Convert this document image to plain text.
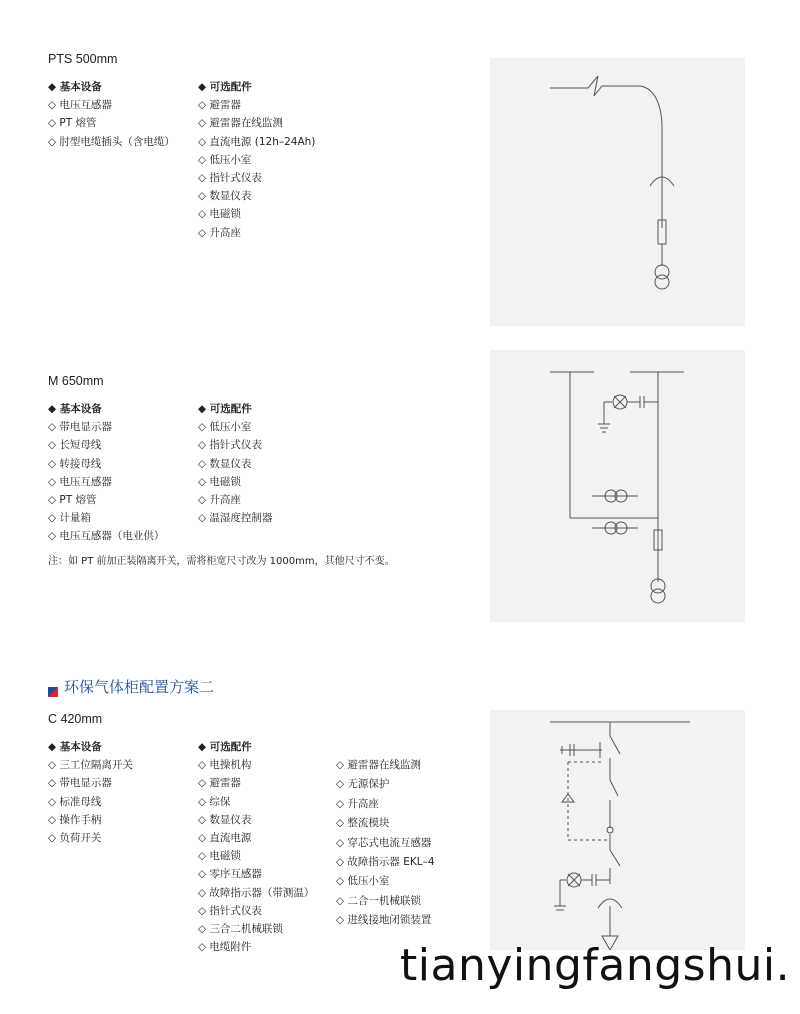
PTS 500mm
◆ 基本设备
◇ 电压互感器
◇ PT 熔管
◇ 肘型电缆插头（含电缆）
◆ 可选配件
◇ 避雷器
◇ 避雷器在线监测
◇ 直流电源 (12h–24Ah)
◇ 低压小室
◇ 指针式仪表
◇ 数显仪表
◇ 电磁锁
◇ 升高座
M 650mm
◆ 基本设备
◇ 带电显示器
◇ 长短母线
◇ 转接母线
◇ 电压互感器
◇ PT 熔管
◇ 计量箱
◇ 电压互感器（电业供）
◆ 可选配件
◇ 低压小室
◇ 指针式仪表
◇ 数显仪表
◇ 电磁锁
◇ 升高座
◇ 温湿度控制器
注：如 PT 前加正装隔离开关，需将柜宽尺寸改为 1000mm，其他尺寸不变。
环保气体柜配置方案二
C 420mm
◆ 基本设备
◇ 三工位隔离开关
◇ 带电显示器
◇ 标准母线
◇ 操作手柄
◇ 负荷开关
◆ 可选配件
◇ 电操机构
◇ 避雷器
◇ 综保
◇ 数显仪表
◇ 直流电源
◇ 电磁锁
◇ 零序互感器
◇ 故障指示器（带测温）
◇ 指针式仪表
◇ 三合二机械联锁
◇ 电缆附件
◇ 避雷器在线监测
◇ 无源保护
◇ 升高座
◇ 整流模块
◇ 穿芯式电流互感器
◇ 故障指示器 EKL–4
◇ 低压小室
◇ 二合一机械联锁
◇ 进线接地闭锁装置
tianyingfangshui.
